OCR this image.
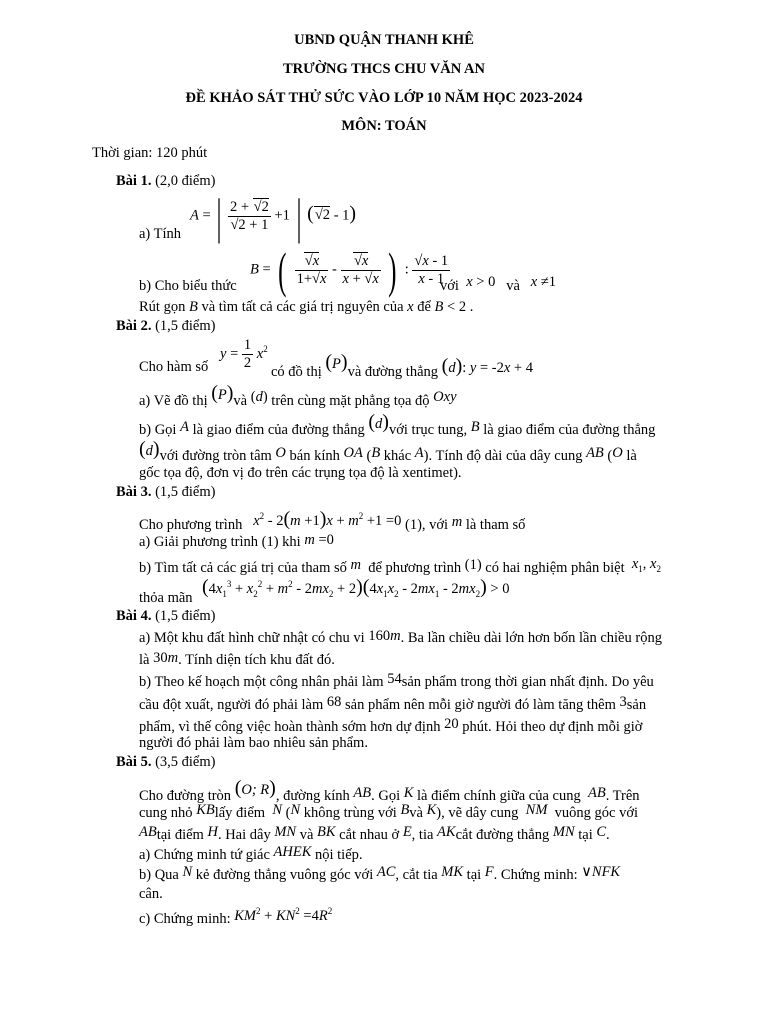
UBND QUẬN THANH KHÊ
TRƯỜNG THCS CHU VĂN AN
ĐỀ KHẢO SÁT THỬ SỨC VÀO LỚP 10 NĂM HỌC 2023-2024
MÔN: TOÁN
Thời gian: 120 phút
Bài 1. (2,0 điểm)
A = | $\frac{2 + √2}{√2 + 1} +1$ | (√2 - 1)
a) Tính
B = ( $\frac{√x}{1+√x} - \frac{√x}{x + √x}$ ) : $\frac{√x - 1}{x - 1}$
b) Cho biểu thức	với x > 0 và x ≠1
Rút gọn B và tìm tất cả các giá trị nguyên của x để B < 2 .
Bài 2. (1,5 điểm)
Cho hàm số
$y = \frac{1}{2} x^2$
có đồ thị (P)và đường thẳng (d): y = -2x + 4
a) Vẽ đồ thị (P)và (d) trên cùng mặt phẳng tọa độ Oxy
b) Gọi A là giao điểm của đường thẳng (d)với trục tung, B là giao điểm của đường thẳng
(d)với đường tròn tâm O bán kính OA (B khác A). Tính độ dài của dây cung AB (O là
gốc tọa độ, đơn vị đo trên các trụng tọa độ là xentimet).
Bài 3. (1,5 điểm)
Cho phương trình $x^2 - 2(m +1)x + m^2 +1 =0$ (1), với m là tham số
a) Giải phương trình (1) khi m =0
b) Tìm tất cả các giá trị của tham số m để phương trình (1) có hai nghiệm phân biệt $x_1$, $x_2$
thỏa mãn $(4x_1^3 + x_2^2 + m^2 - 2mx_2 + 2)(4x_1x_2 - 2mx_1 - 2mx_2) > 0$
Bài 4. (1,5 điểm)
a) Một khu đất hình chữ nhật có chu vi 160m. Ba lần chiều dài lớn hơn bốn lần chiều rộng
là 30m. Tính diện tích khu đất đó.
b) Theo kế hoạch một công nhân phải làm 54sản phẩm trong thời gian nhất định. Do yêu
cầu đột xuất, người đó phải làm 68 sản phẩm nên mỗi giờ người đó làm tăng thêm 3sản
phẩm, vì thế công việc hoàn thành sớm hơn dự định 20 phút. Hỏi theo dự định mỗi giờ
người đó phải làm bao nhiêu sản phẩm.
Bài 5. (3,5 điểm)
Cho đường tròn (O; R), đường kính AB. Gọi K là điểm chính giữa của cung AB. Trên
cung nhỏ KBlấy điểm N (N không trùng với Bvà K), vẽ dây cung NM vuông góc với
ABtại điểm H. Hai dây MN và BK cắt nhau ở E, tia AKcắt đường thẳng MN tại C.
a) Chứng minh tứ giác AHEK nội tiếp.
b) Qua N kẻ đường thẳng vuông góc với AC, cắt tia MK tại F. Chứng minh: ∨NFK
cân.
c) Chứng minh: $KM^2 + KN^2 =4R^2$
